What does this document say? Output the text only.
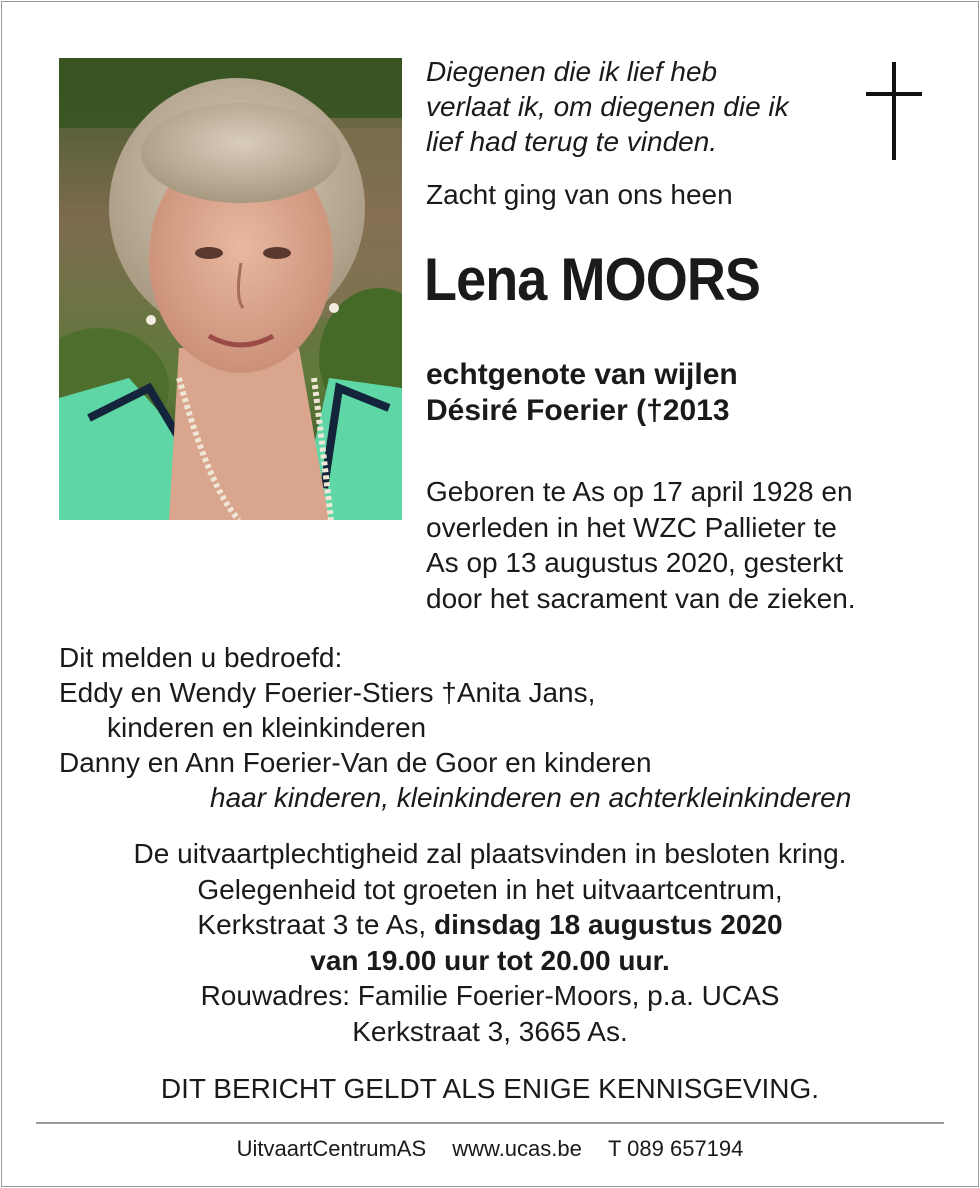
Diegenen die ik lief heb
verlaat ik, om diegenen die ik
lief had terug te vinden.
Zacht ging van ons heen
Lena MOORS
echtgenote van wijlen
Désiré Foerier (†2013
Geboren te As op 17 april 1928 en
overleden in het WZC Pallieter te
As op 13 augustus 2020, gesterkt
door het sacrament van de zieken.
Dit melden u bedroefd:
Eddy en Wendy Foerier-Stiers †Anita Jans,
kinderen en kleinkinderen
Danny en Ann Foerier-Van de Goor en kinderen
haar kinderen, kleinkinderen en achterkleinkinderen
De uitvaartplechtigheid zal plaatsvinden in besloten kring.
Gelegenheid tot groeten in het uitvaartcentrum,
Kerkstraat 3 te As, dinsdag 18 augustus 2020
van 19.00 uur tot 20.00 uur.
Rouwadres: Familie Foerier-Moors, p.a. UCAS
Kerkstraat 3, 3665 As.
DIT BERICHT GELDT ALS ENIGE KENNISGEVING.
UitvaartCentrumAS www.ucas.be T 089 657194
